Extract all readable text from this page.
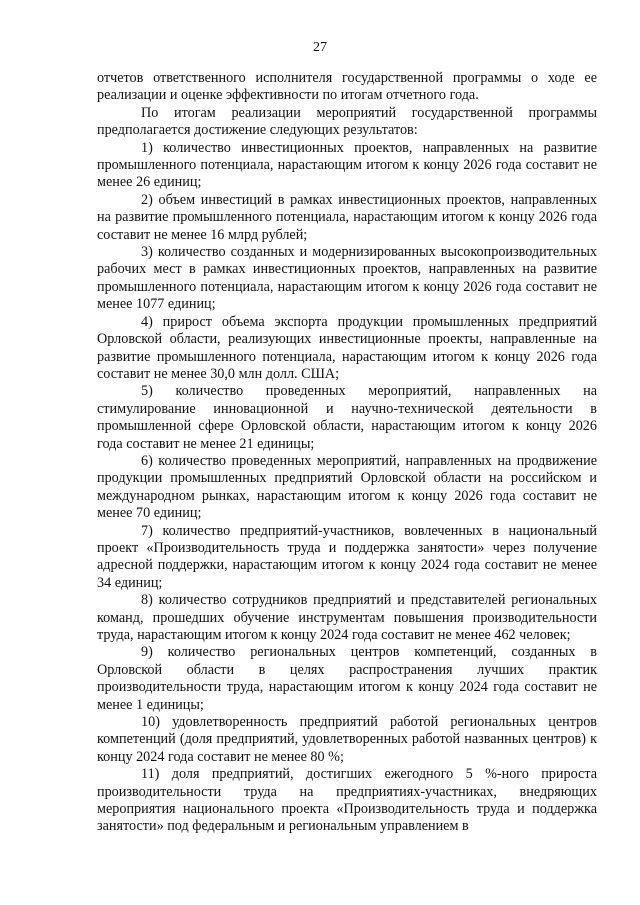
27

отчетов ответственного исполнителя государственной программы о ходе ее реализации и оценке эффективности по итогам отчетного года.

По итогам реализации мероприятий государственной программы предполагается достижение следующих результатов:

1) количество инвестиционных проектов, направленных на развитие промышленного потенциала, нарастающим итогом к концу 2026 года составит не менее 26 единиц;

2) объем инвестиций в рамках инвестиционных проектов, направленных на развитие промышленного потенциала, нарастающим итогом к концу 2026 года составит не менее 16 млрд рублей;

3) количество созданных и модернизированных высокопроизводительных рабочих мест в рамках инвестиционных проектов, направленных на развитие промышленного потенциала, нарастающим итогом к концу 2026 года составит не менее 1077 единиц;

4) прирост объема экспорта продукции промышленных предприятий Орловской области, реализующих инвестиционные проекты, направленные на развитие промышленного потенциала, нарастающим итогом к концу 2026 года составит не менее 30,0 млн долл. США;

5) количество проведенных мероприятий, направленных на стимулирование инновационной и научно-технической деятельности в промышленной сфере Орловской области, нарастающим итогом к концу 2026 года составит не менее 21 единицы;

6) количество проведенных мероприятий, направленных на продвижение продукции промышленных предприятий Орловской области на российском и международном рынках, нарастающим итогом к концу 2026 года составит не менее 70 единиц;

7) количество предприятий-участников, вовлеченных в национальный проект «Производительность труда и поддержка занятости» через получение адресной поддержки, нарастающим итогом к концу 2024 года составит не менее 34 единиц;

8) количество сотрудников предприятий и представителей региональных команд, прошедших обучение инструментам повышения производительности труда, нарастающим итогом к концу 2024 года составит не менее 462 человек;

9) количество региональных центров компетенций, созданных в Орловской области в целях распространения лучших практик производительности труда, нарастающим итогом к концу 2024 года составит не менее 1 единицы;

10) удовлетворенность предприятий работой региональных центров компетенций (доля предприятий, удовлетворенных работой названных центров) к концу 2024 года составит не менее 80 %;

11) доля предприятий, достигших ежегодного 5 %-ного прироста производительности труда на предприятиях-участниках, внедряющих мероприятия национального проекта «Производительность труда и поддержка занятости» под федеральным и региональным управлением в
